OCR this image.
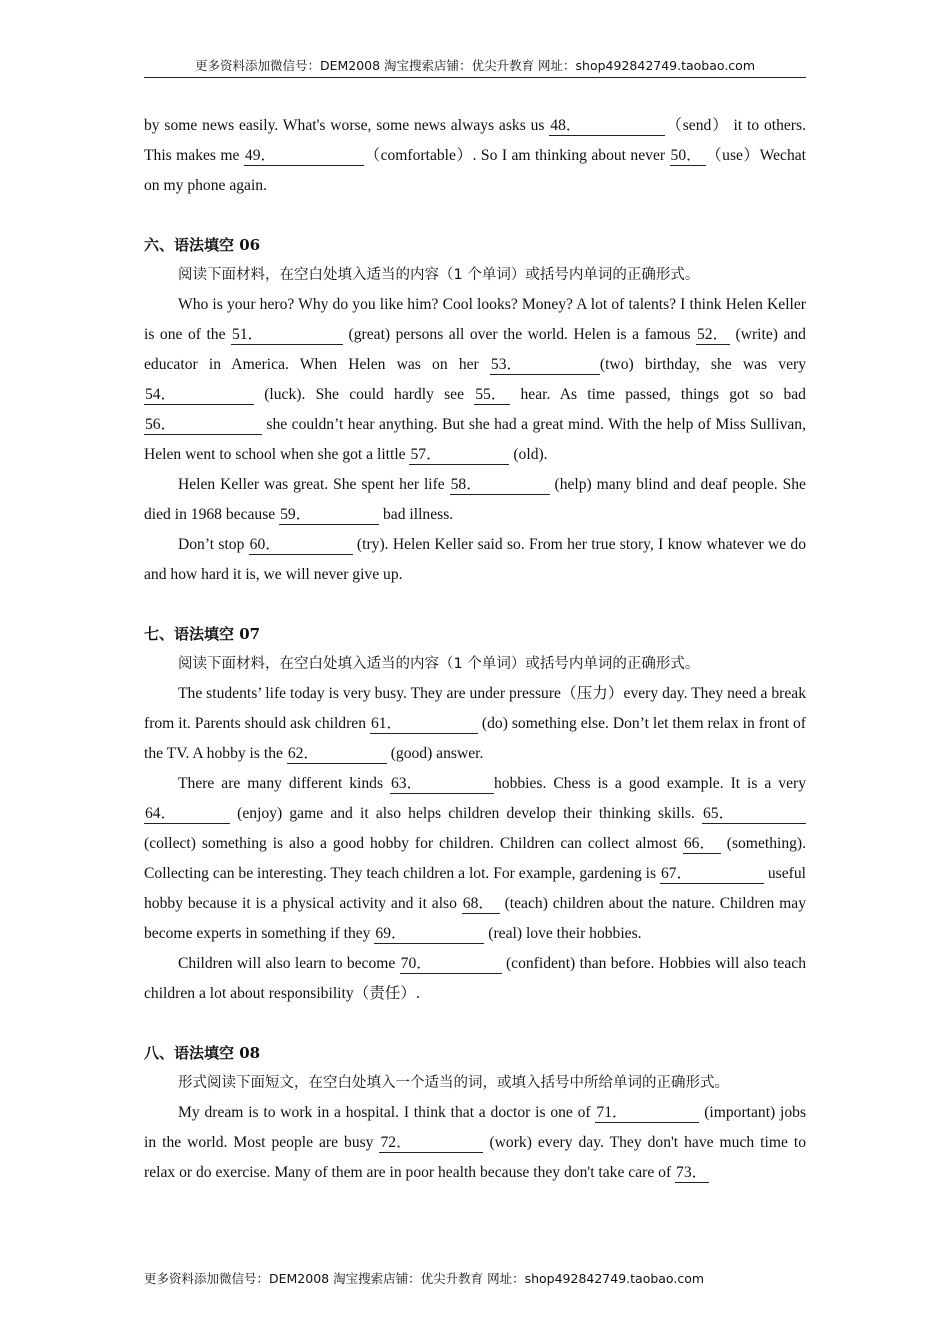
更多资料添加微信号：DEM2008 淘宝搜索店铺：优尖升教育 网址：shop492842749.taobao.com

by some news easily. What's worse, some news always asks us 48．	（send） it to others. This makes me 49．	（comfortable）. So I am thinking about never 50． （use）Wechat on my phone again.

六、语法填空 06

阅读下面材料，在空白处填入适当的内容（1 个单词）或括号内单词的正确形式。

Who is your hero? Why do you like him? Cool looks? Money? A lot of talents? I think Helen Keller is one of the 51．	(great) persons all over the world. Helen is a famous 52． (write) and educator in America. When Helen was on her 53．	(two) birthday, she was very 54．	(luck). She could hardly see 55． hear. As time passed, things got so bad 56．	she couldn’t hear anything. But she had a great mind. With the help of Miss Sullivan, Helen went to school when she got a little 57．	(old).

Helen Keller was great. She spent her life 58．	(help) many blind and deaf people. She died in 1968 because 59．	bad illness.

Don’t stop 60．	(try). Helen Keller said so. From her true story, I know whatever we do and how hard it is, we will never give up.

七、语法填空 07

阅读下面材料，在空白处填入适当的内容（1 个单词）或括号内单词的正确形式。

The students’ life today is very busy. They are under pressure（压力）every day. They need a break from it. Parents should ask children 61．	(do) something else. Don’t let them relax in front of the TV. A hobby is the 62．	(good) answer.

There are many different kinds 63．	hobbies. Chess is a good example. It is a very 64．	(enjoy) game and it also helps children develop their thinking skills. 65． (collect) something is also a good hobby for children. Children can collect almost 66． (something). Collecting can be interesting. They teach children a lot. For example, gardening is 67．	useful hobby because it is a physical activity and it also 68． (teach) children about the nature. Children may become experts in something if they 69．	(real) love their hobbies.

Children will also learn to become 70．	(confident) than before. Hobbies will also teach children a lot about responsibility（责任）.

八、语法填空 08

形式阅读下面短文，在空白处填入一个适当的词，或填入括号中所给单词的正确形式。

My dream is to work in a hospital. I think that a doctor is one of 71．	(important) jobs in the world. Most people are busy 72．	(work) every day. They don't have much time to relax or do exercise. Many of them are in poor health because they don't take care of 73．

更多资料添加微信号：DEM2008 淘宝搜索店铺：优尖升教育 网址：shop492842749.taobao.com
